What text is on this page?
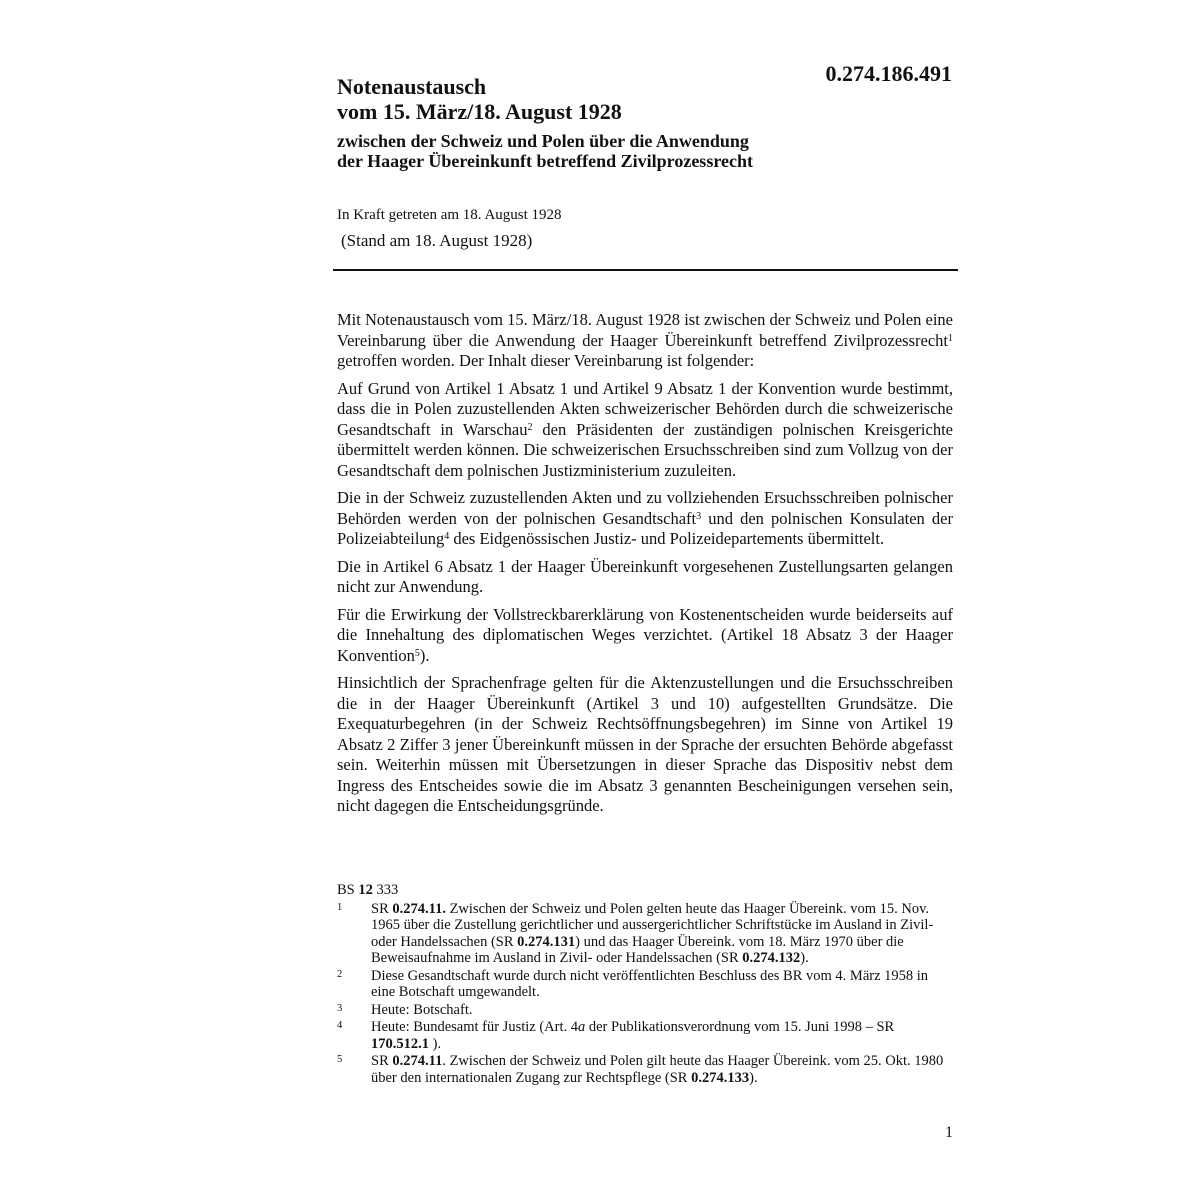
0.274.186.491
Notenaustausch
vom 15. März/18. August 1928
zwischen der Schweiz und Polen über die Anwendung
der Haager Übereinkunft betreffend Zivilprozessrecht
In Kraft getreten am 18. August 1928
(Stand am 18. August 1928)

Mit Notenaustausch vom 15. März/18. August 1928 ist zwischen der Schweiz und Polen eine Vereinbarung über die Anwendung der Haager Übereinkunft betreffend Zivilprozessrecht$^1$ getroffen worden. Der Inhalt dieser Vereinbarung ist folgender:

Auf Grund von Artikel 1 Absatz 1 und Artikel 9 Absatz 1 der Konvention wurde bestimmt, dass die in Polen zuzustellenden Akten schweizerischer Behörden durch die schweizerische Gesandtschaft in Warschau$^2$ den Präsidenten der zuständigen polnischen Kreisgerichte übermittelt werden können. Die schweizerischen Ersuchsschreiben sind zum Vollzug von der Gesandtschaft dem polnischen Justizministerium zuzuleiten.

Die in der Schweiz zuzustellenden Akten und zu vollziehenden Ersuchsschreiben polnischer Behörden werden von der polnischen Gesandtschaft$^3$ und den polnischen Konsulaten der Polizeiabteilung$^4$ des Eidgenössischen Justiz- und Polizeidepartements übermittelt.

Die in Artikel 6 Absatz 1 der Haager Übereinkunft vorgesehenen Zustellungsarten gelangen nicht zur Anwendung.

Für die Erwirkung der Vollstreckbarerklärung von Kostenentscheiden wurde beiderseits auf die Innehaltung des diplomatischen Weges verzichtet. (Artikel 18 Absatz 3 der Haager Konvention$^5$).

Hinsichtlich der Sprachenfrage gelten für die Aktenzustellungen und die Ersuchsschreiben die in der Haager Übereinkunft (Artikel 3 und 10) aufgestellten Grundsätze. Die Exequaturbegehren (in der Schweiz Rechtsöffnungsbegehren) im Sinne von Artikel 19 Absatz 2 Ziffer 3 jener Übereinkunft müssen in der Sprache der ersuchten Behörde abgefasst sein. Weiterhin müssen mit Übersetzungen in dieser Sprache das Dispositiv nebst dem Ingress des Entscheides sowie die im Absatz 3 genannten Bescheinigungen versehen sein, nicht dagegen die Entscheidungsgründe.

BS 12 333
1	SR 0.274.11. Zwischen der Schweiz und Polen gelten heute das Haager Übereink. vom 15. Nov. 1965 über die Zustellung gerichtlicher und aussergerichtlicher Schriftstücke im Ausland in Zivil- oder Handelssachen (SR 0.274.131) und das Haager Übereink. vom 18. März 1970 über die Beweisaufnahme im Ausland in Zivil- oder Handelssachen (SR 0.274.132).
2	Diese Gesandtschaft wurde durch nicht veröffentlichten Beschluss des BR vom 4. März 1958 in eine Botschaft umgewandelt.
3	Heute: Botschaft.
4	Heute: Bundesamt für Justiz (Art. 4a der Publikationsverordnung vom 15. Juni 1998 – SR 170.512.1 ).
5	SR 0.274.11. Zwischen der Schweiz und Polen gilt heute das Haager Übereink. vom 25. Okt. 1980 über den internationalen Zugang zur Rechtspflege (SR 0.274.133).
1
